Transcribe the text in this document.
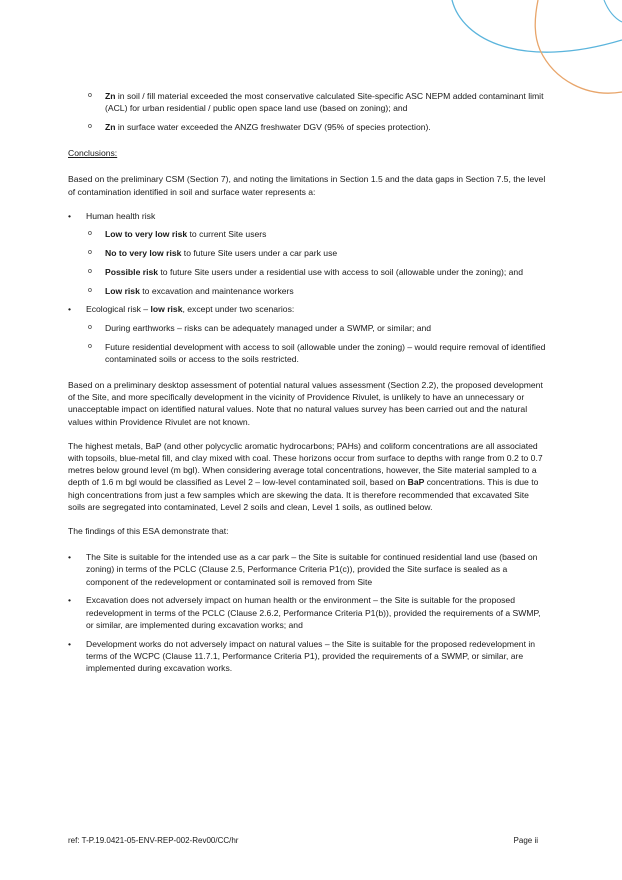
o Zn in soil / fill material exceeded the most conservative calculated Site-specific ASC NEPM added contaminant limit (ACL) for urban residential / public open space land use (based on zoning); and
o Zn in surface water exceeded the ANZG freshwater DGV (95% of species protection).
Conclusions:

Based on the preliminary CSM (Section 7), and noting the limitations in Section 1.5 and the data gaps in Section 7.5, the level of contamination identified in soil and surface water represents a:

• Human health risk
o Low to very low risk to current Site users
o No to very low risk to future Site users under a car park use
o Possible risk to future Site users under a residential use with access to soil (allowable under the zoning); and
o Low risk to excavation and maintenance workers
• Ecological risk – low risk, except under two scenarios:
o During earthworks – risks can be adequately managed under a SWMP, or similar; and
o Future residential development with access to soil (allowable under the zoning) – would require removal of identified contaminated soils or access to the soils restricted.

Based on a preliminary desktop assessment of potential natural values assessment (Section 2.2), the proposed development of the Site, and more specifically development in the vicinity of Providence Rivulet, is unlikely to have an unnecessary or unacceptable impact on identified natural values. Note that no natural values survey has been carried out and the natural values within Providence Rivulet are not known.

The highest metals, BaP (and other polycyclic aromatic hydrocarbons; PAHs) and coliform concentrations are all associated with topsoils, blue-metal fill, and clay mixed with coal. These horizons occur from surface to depths with range from 0.2 to 0.7 metres below ground level (m bgl). When considering average total concentrations, however, the Site material sampled to a depth of 1.6 m bgl would be classified as Level 2 – low-level contaminated soil, based on BaP concentrations. This is due to high concentrations from just a few samples which are skewing the data. It is therefore recommended that excavated Site soils are segregated into contaminated, Level 2 soils and clean, Level 1 soils, as outlined below.

The findings of this ESA demonstrate that:

• The Site is suitable for the intended use as a car park – the Site is suitable for continued residential land use (based on zoning) in terms of the PCLC (Clause 2.5, Performance Criteria P1(c)), provided the Site surface is sealed as a component of the redevelopment or contaminated soil is removed from Site
• Excavation does not adversely impact on human health or the environment – the Site is suitable for the proposed redevelopment in terms of the PCLC (Clause 2.6.2, Performance Criteria P1(b)), provided the requirements of a SWMP, or similar, are implemented during excavation works; and
• Development works do not adversely impact on natural values – the Site is suitable for the proposed redevelopment in terms of the WCPC (Clause 11.7.1, Performance Criteria P1), provided the requirements of a SWMP, or similar, are implemented during excavation works.
ref: T-P.19.0421-05-ENV-REP-002-Rev00/CC/hr	Page ii
